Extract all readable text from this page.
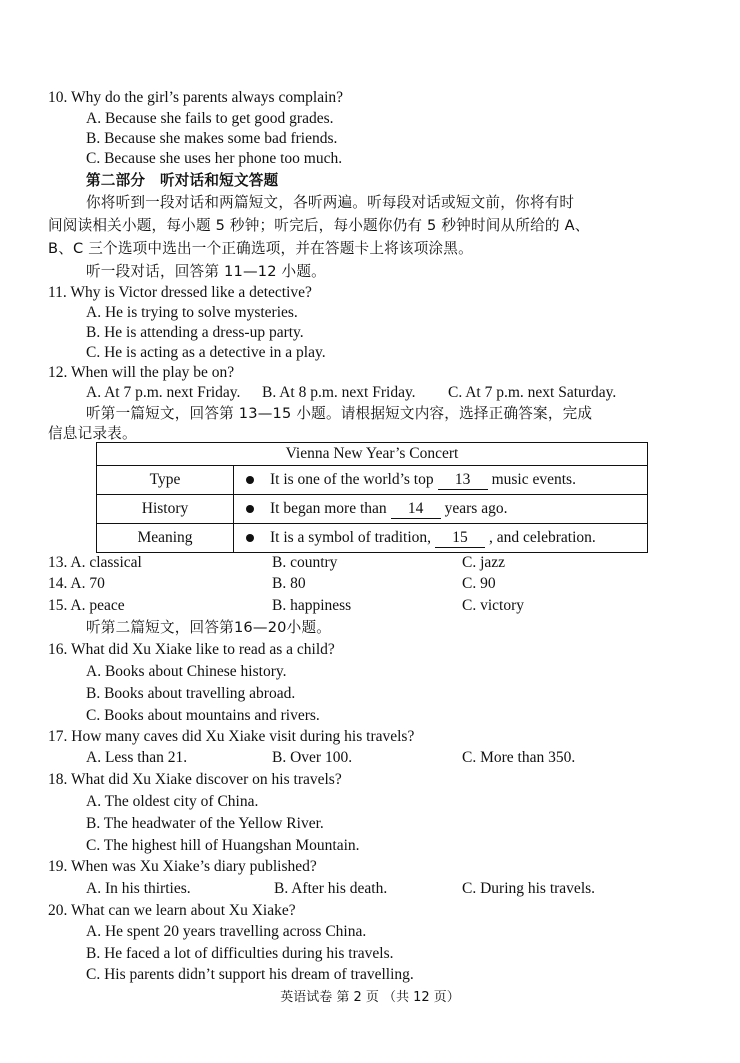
10. Why do the girl’s parents always complain?
A. Because she fails to get good grades.
B. Because she makes some bad friends.
C. Because she uses her phone too much.
第二部分　听对话和短文答题
你将听到一段对话和两篇短文，各听两遍。听每段对话或短文前，你将有时
间阅读相关小题，每小题 5 秒钟；听完后，每小题你仍有 5 秒钟时间从所给的 A、
B、C 三个选项中选出一个正确选项，并在答题卡上将该项涂黑。
听一段对话，回答第 11—12 小题。
11. Why is Victor dressed like a detective?
A. He is trying to solve mysteries.
B. He is attending a dress-up party.
C. He is acting as a detective in a play.
12. When will the play be on?
A. At 7 p.m. next Friday. B. At 8 p.m. next Friday. C. At 7 p.m. next Saturday.
听第一篇短文，回答第 13—15 小题。请根据短文内容，选择正确答案，完成
信息记录表。
Vienna New Year’s Concert	
Type	It is one of the world’s top 13 music events.
History	It began more than 14 years ago.
Meaning	It is a symbol of tradition, 15 , and celebration.
13. A. classical	B. country	C. jazz
14. A. 70	B. 80	C. 90
15. A. peace	B. happiness	C. victory
听第二篇短文，回答第16—20小题。
16. What did Xu Xiake like to read as a child?
A. Books about Chinese history.
B. Books about travelling abroad.
C. Books about mountains and rivers.
17. How many caves did Xu Xiake visit during his travels?
A. Less than 21.	B. Over 100.	C. More than 350.
18. What did Xu Xiake discover on his travels?
A. The oldest city of China.
B. The headwater of the Yellow River.
C. The highest hill of Huangshan Mountain.
19. When was Xu Xiake’s diary published?
A. In his thirties.	B. After his death.	C. During his travels.
20. What can we learn about Xu Xiake?
A. He spent 20 years travelling across China.
B. He faced a lot of difficulties during his travels.
C. His parents didn’t support his dream of travelling.
英语试卷 第 2 页 （共 12 页）
